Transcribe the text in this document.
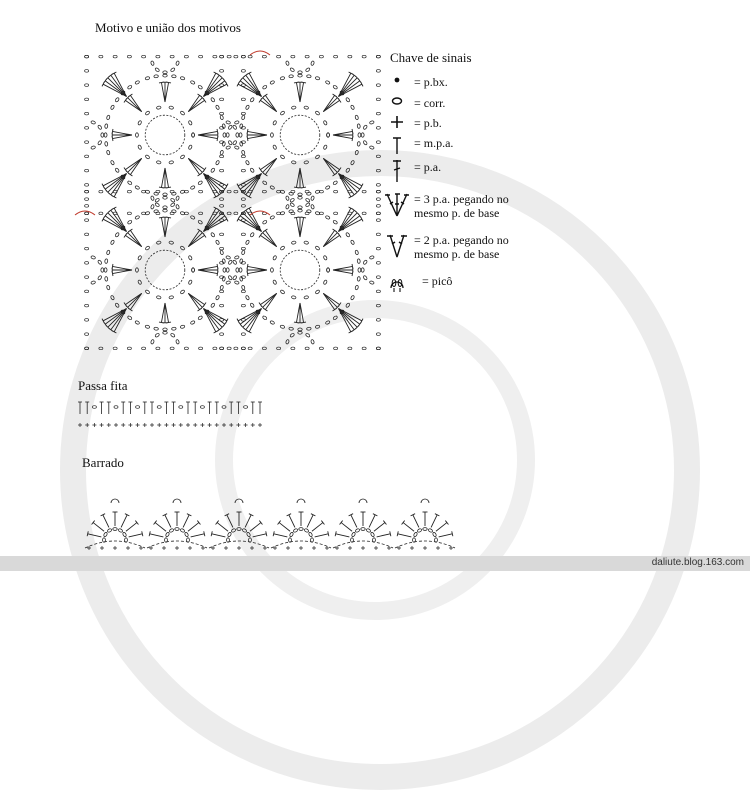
Motivo e união dos motivos
Chave de sinais
= p.bx.
= corr.
= p.b.
= m.p.a.
= p.a.
= 3 p.a. pegando no
mesmo p. de base
= 2 p.a. pegando no
mesmo p. de base
= picô
Passa fita
Barrado
daliute.blog.163.com
